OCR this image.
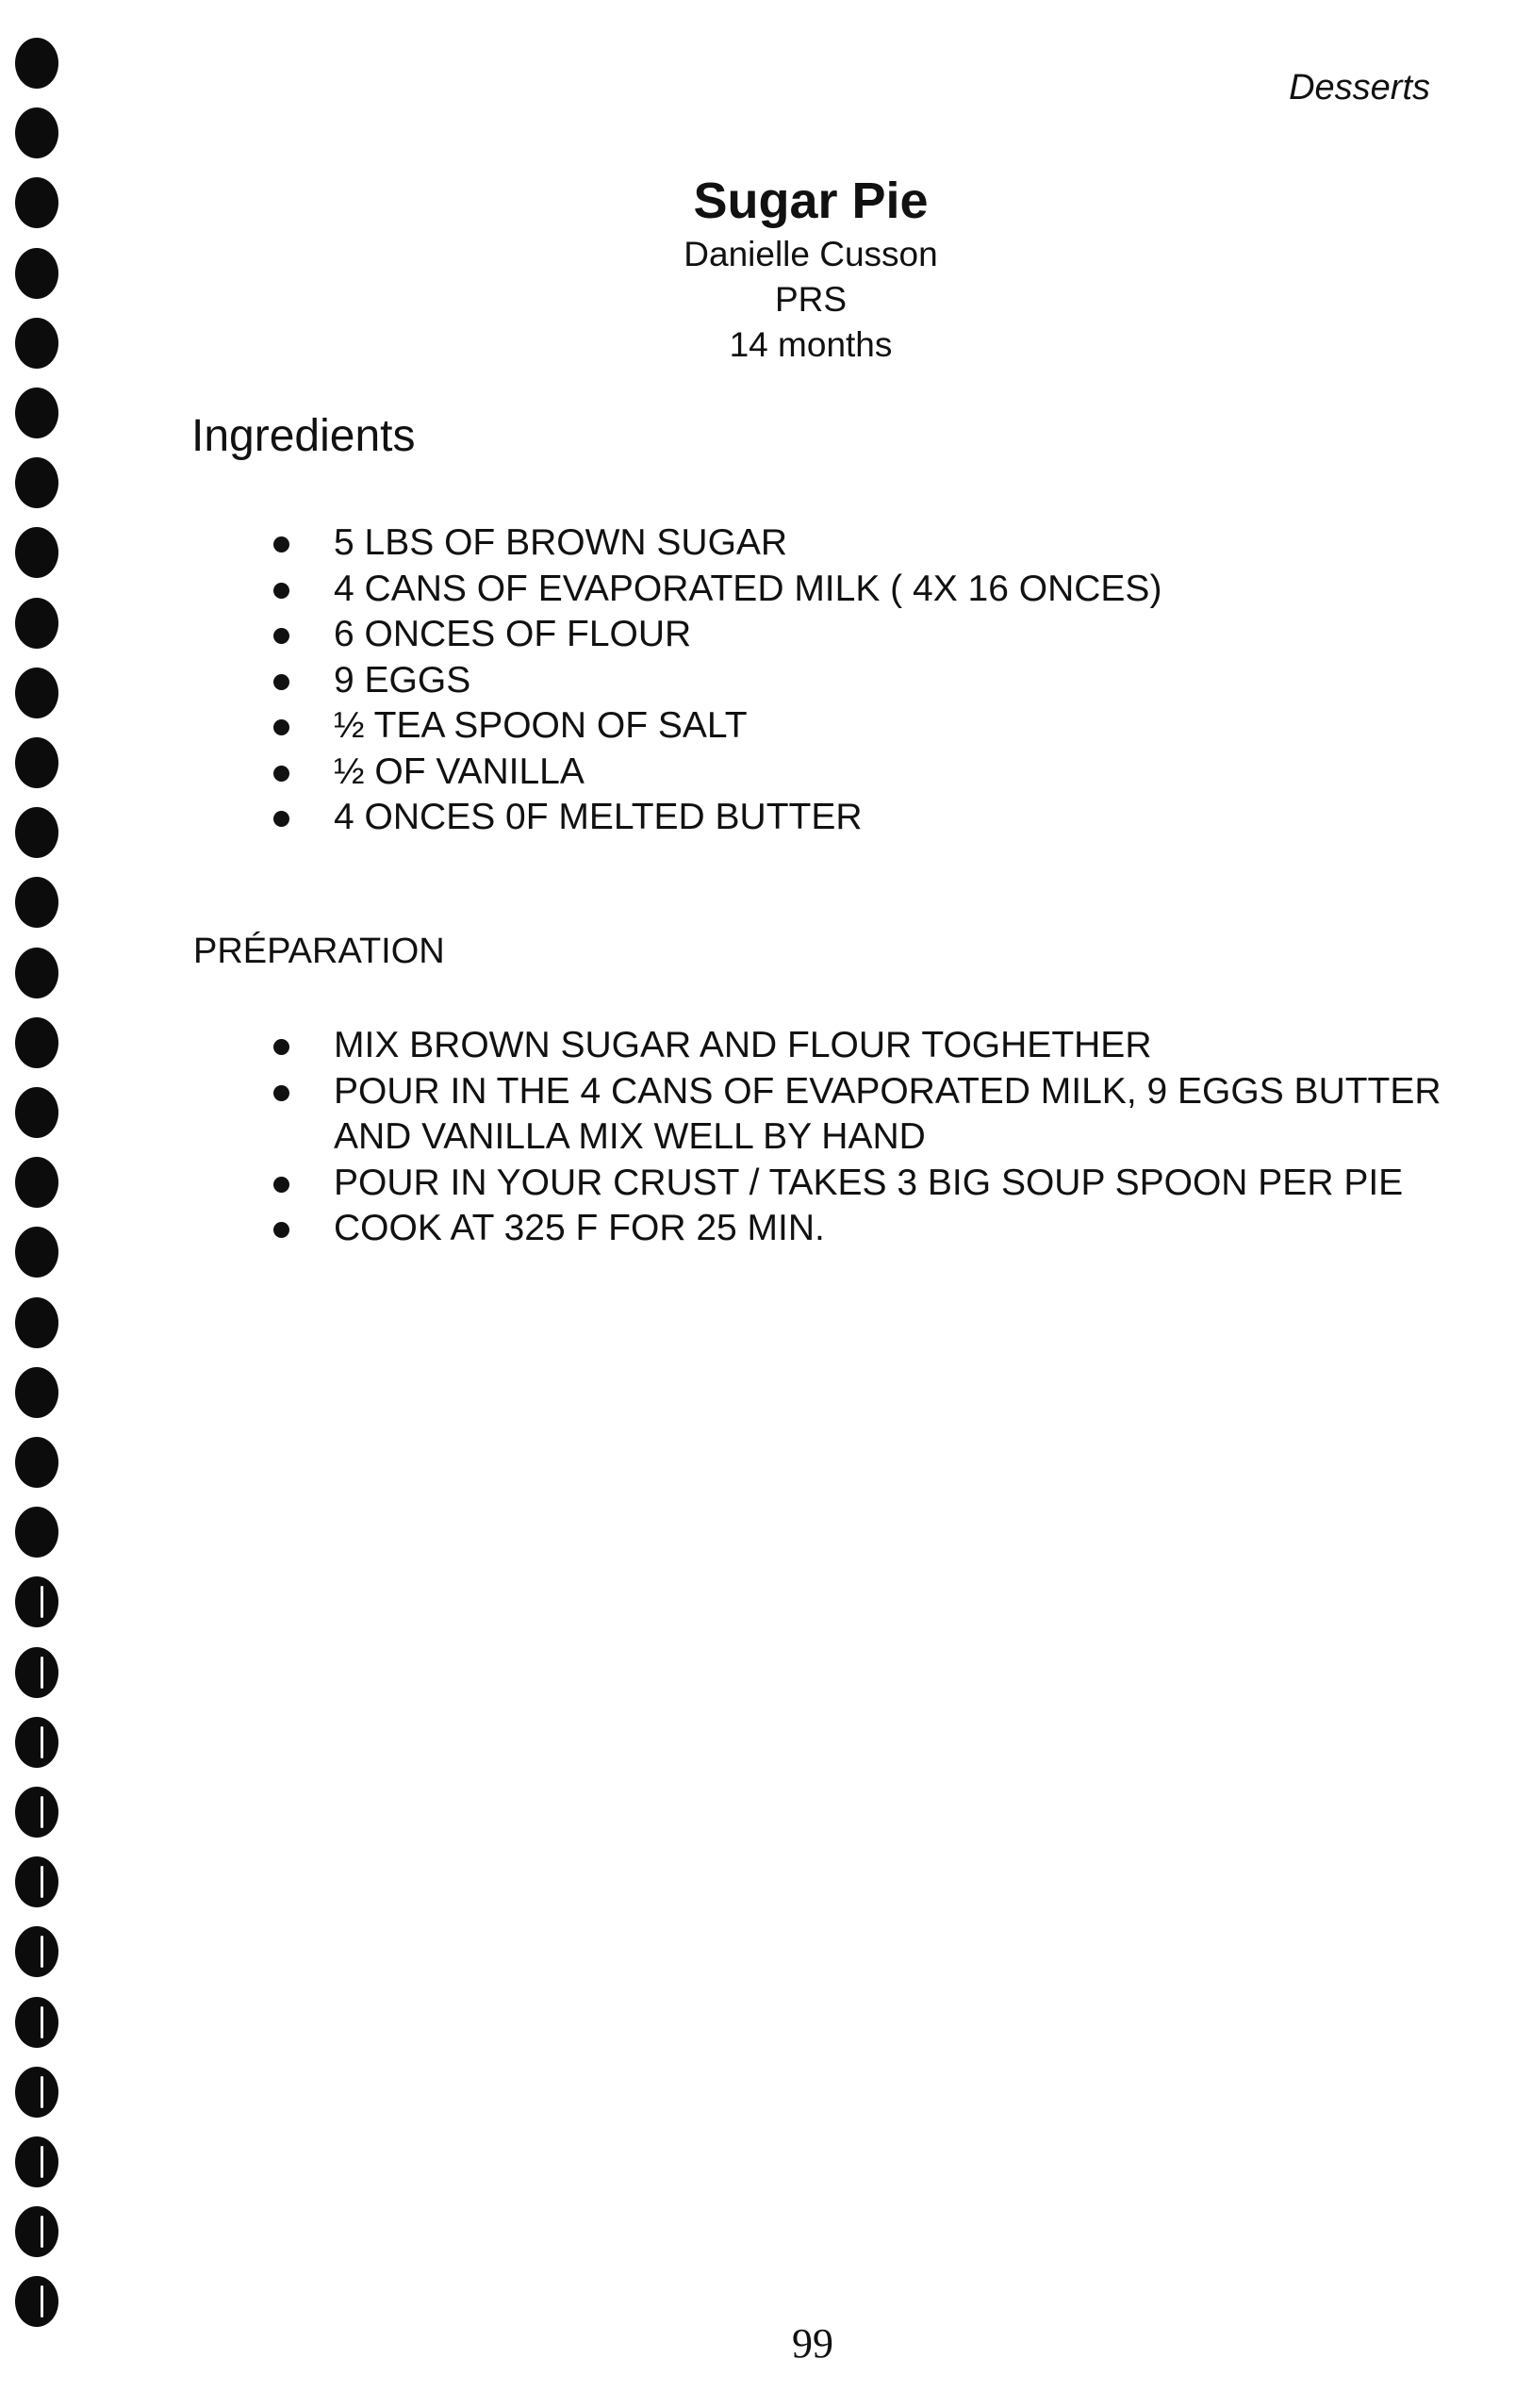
Desserts
Sugar Pie
Danielle Cusson
PRS
14 months
Ingredients
5 LBS OF BROWN SUGAR
4 CANS OF EVAPORATED MILK ( 4X 16 ONCES)
6 ONCES OF FLOUR
9 EGGS
½ TEA SPOON OF SALT
½ OF VANILLA
4 ONCES 0F MELTED BUTTER
PRÉPARATION
MIX BROWN SUGAR AND FLOUR TOGHETHER
POUR IN THE 4 CANS OF EVAPORATED MILK, 9 EGGS BUTTER AND VANILLA MIX WELL BY HAND
POUR IN YOUR CRUST / TAKES 3 BIG SOUP SPOON PER PIE
COOK AT 325 F FOR 25 MIN.
99
